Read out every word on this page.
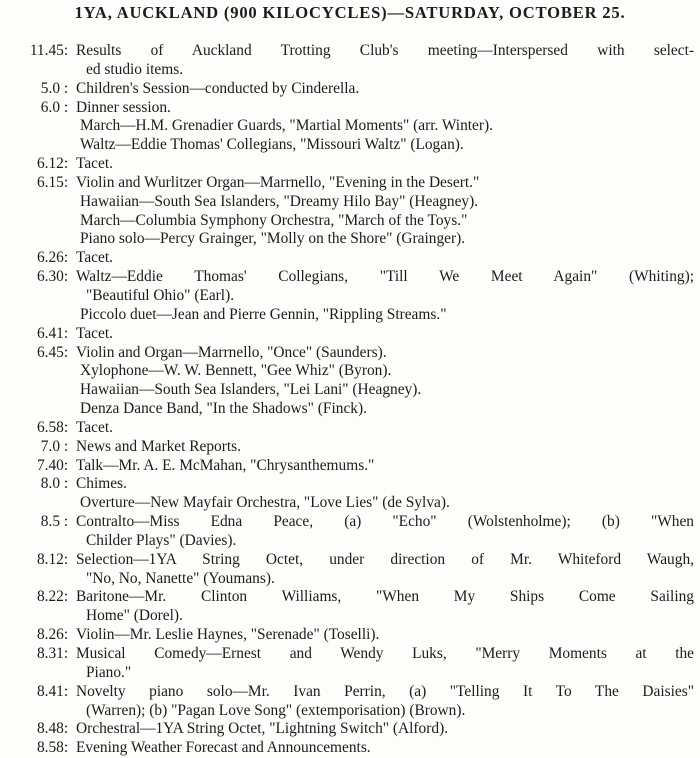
1YA, AUCKLAND (900 KILOCYCLES)—SATURDAY, OCTOBER 25.
11.45: Results of Auckland Trotting Club's meeting—Interspersed with select-
ed studio items.
5.0 : Children's Session—conducted by Cinderella.
6.0 : Dinner session.
March—H.M. Grenadier Guards, "Martial Moments" (arr. Winter).
Waltz—Eddie Thomas' Collegians, "Missouri Waltz" (Logan).
6.12: Tacet.
6.15: Violin and Wurlitzer Organ—Marrnello, "Evening in the Desert."
Hawaiian—South Sea Islanders, "Dreamy Hilo Bay" (Heagney).
March—Columbia Symphony Orchestra, "March of the Toys."
Piano solo—Percy Grainger, "Molly on the Shore" (Grainger).
6.26: Tacet.
6.30: Waltz—Eddie Thomas' Collegians, "Till We Meet Again" (Whiting);
"Beautiful Ohio" (Earl).
Piccolo duet—Jean and Pierre Gennin, "Rippling Streams."
6.41: Tacet.
6.45: Violin and Organ—Marrnello, "Once" (Saunders).
Xylophone—W. W. Bennett, "Gee Whiz" (Byron).
Hawaiian—South Sea Islanders, "Lei Lani" (Heagney).
Denza Dance Band, "In the Shadows" (Finck).
6.58: Tacet.
7.0 : News and Market Reports.
7.40: Talk—Mr. A. E. McMahan, "Chrysanthemums."
8.0 : Chimes.
Overture—New Mayfair Orchestra, "Love Lies" (de Sylva).
8.5 : Contralto—Miss Edna Peace, (a) "Echo" (Wolstenholme); (b) "When
Childer Plays" (Davies).
8.12: Selection—1YA String Octet, under direction of Mr. Whiteford Waugh,
"No, No, Nanette" (Youmans).
8.22: Baritone—Mr. Clinton Williams, "When My Ships Come Sailing
Home" (Dorel).
8.26: Violin—Mr. Leslie Haynes, "Serenade" (Toselli).
8.31: Musical Comedy—Ernest and Wendy Luks, "Merry Moments at the
Piano."
8.41: Novelty piano solo—Mr. Ivan Perrin, (a) "Telling It To The Daisies"
(Warren); (b) "Pagan Love Song" (extemporisation) (Brown).
8.48: Orchestral—1YA String Octet, "Lightning Switch" (Alford).
8.58: Evening Weather Forecast and Announcements.
